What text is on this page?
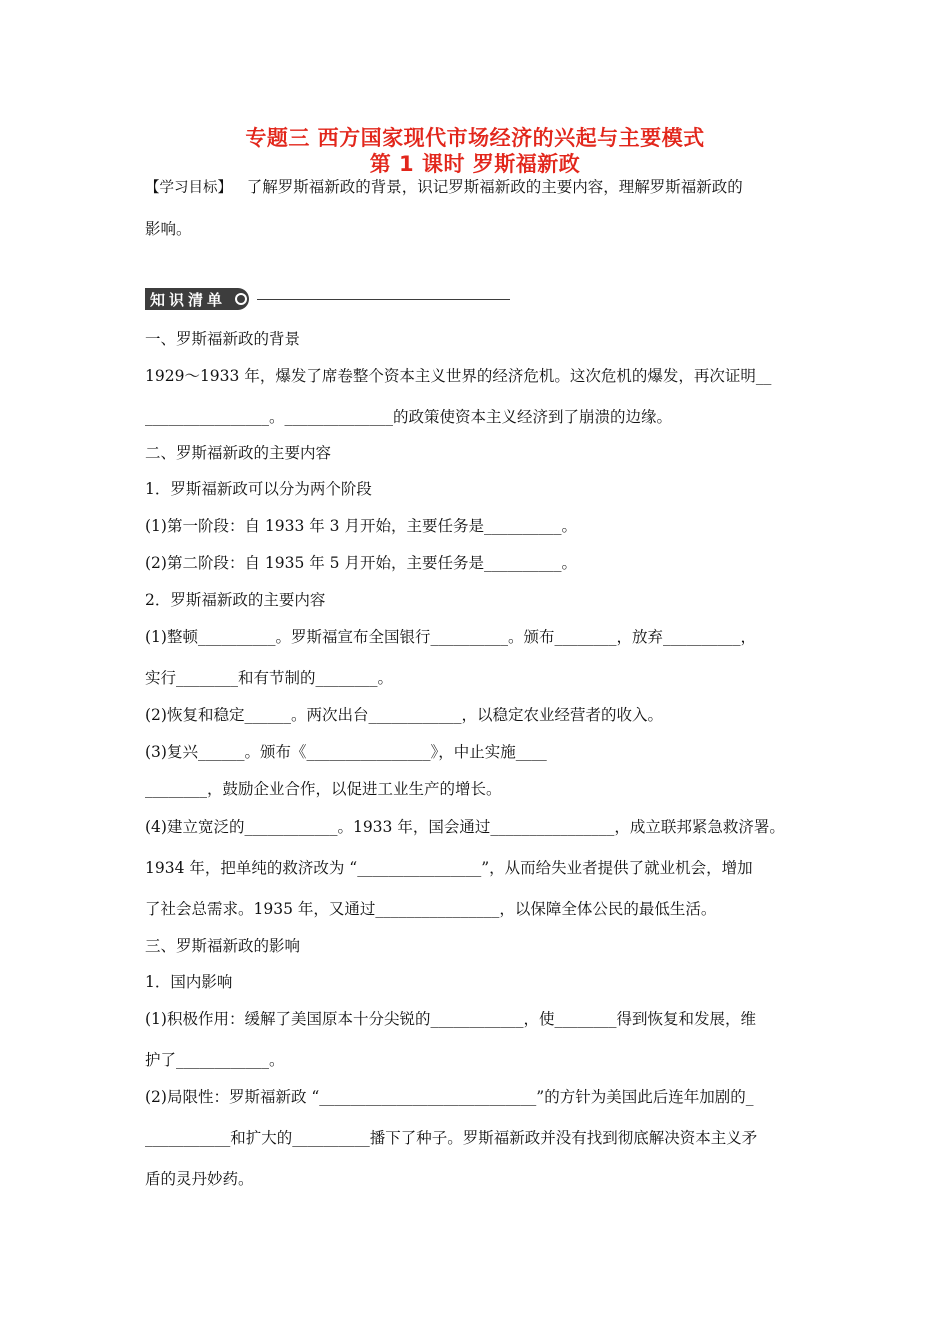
专题三 西方国家现代市场经济的兴起与主要模式
第 1 课时 罗斯福新政
【学习目标】   了解罗斯福新政的背景，识记罗斯福新政的主要内容，理解罗斯福新政的
影响。
知识清单
一、罗斯福新政的背景
1929～1933 年，爆发了席卷整个资本主义世界的经济危机。这次危机的爆发，再次证明__
________________。______________的政策使资本主义经济到了崩溃的边缘。
二、罗斯福新政的主要内容
1．罗斯福新政可以分为两个阶段
(1)第一阶段：自 1933 年 3 月开始，主要任务是__________。
(2)第二阶段：自 1935 年 5 月开始，主要任务是__________。
2．罗斯福新政的主要内容
(1)整顿__________。罗斯福宣布全国银行__________。颁布________，放弃__________，
实行________和有节制的________。
(2)恢复和稳定______。两次出台____________，以稳定农业经营者的收入。
(3)复兴______。颁布《________________》，中止实施____
________，鼓励企业合作，以促进工业生产的增长。
(4)建立宽泛的____________。1933 年，国会通过________________，成立联邦紧急救济署。
1934 年，把单纯的救济改为 “________________”，从而给失业者提供了就业机会，增加
了社会总需求。1935 年，又通过________________，以保障全体公民的最低生活。
三、罗斯福新政的影响
1．国内影响
(1)积极作用：缓解了美国原本十分尖锐的____________，使________得到恢复和发展，维
护了____________。
(2)局限性：罗斯福新政 “____________________________”的方针为美国此后连年加剧的_
___________和扩大的__________播下了种子。罗斯福新政并没有找到彻底解决资本主义矛
盾的灵丹妙药。
